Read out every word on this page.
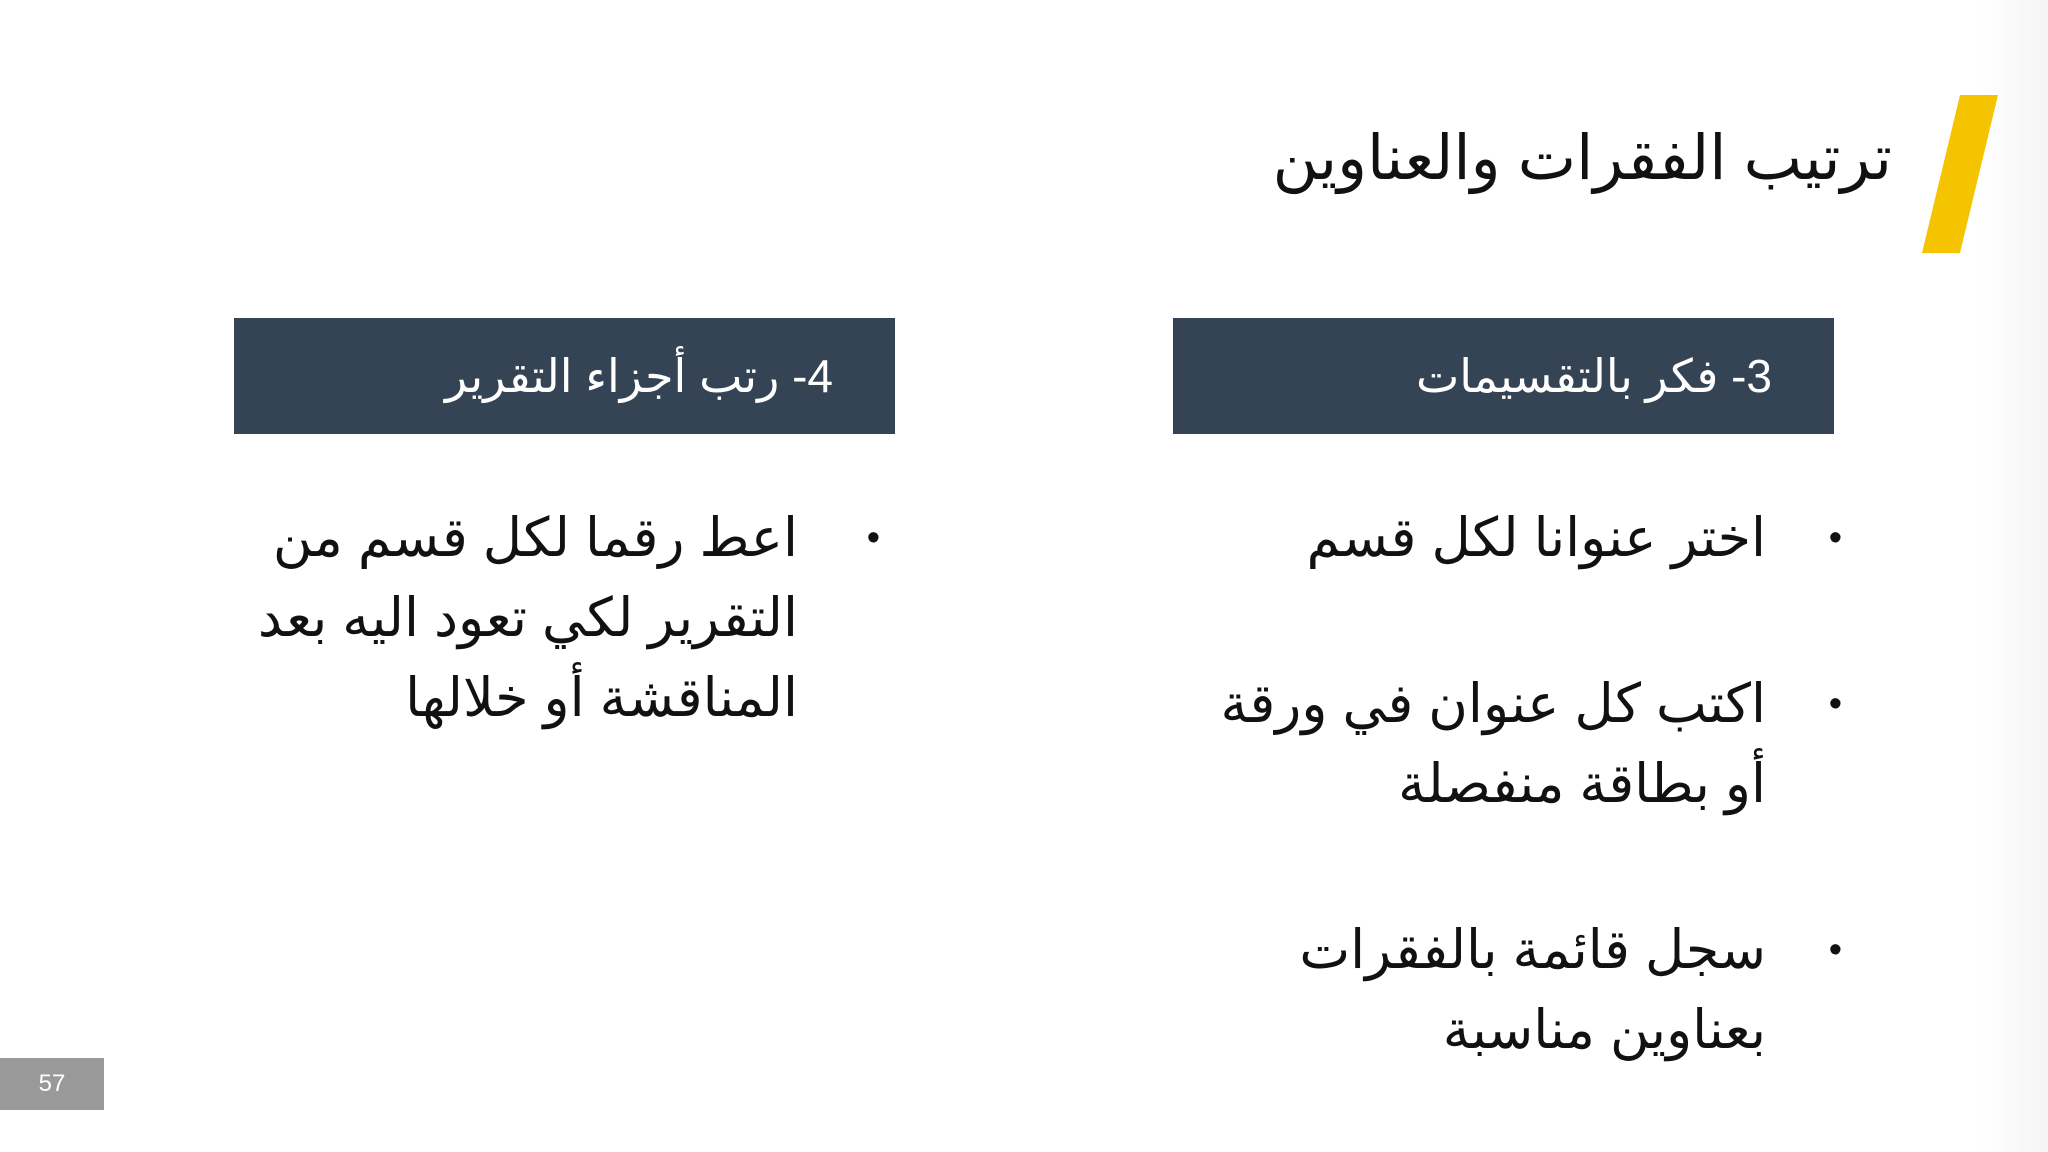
ترتيب الفقرات والعناوين
3- فكر بالتقسيمات
4- رتب أجزاء التقرير
•
اختر عنوانا لكل قسم
•
اكتب كل عنوان في ورقة أو بطاقة منفصلة
•
سجل قائمة بالفقرات بعناوين مناسبة
•
اعط رقما لكل قسم من التقرير لكي تعود اليه بعد المناقشة أو خلالها
57
